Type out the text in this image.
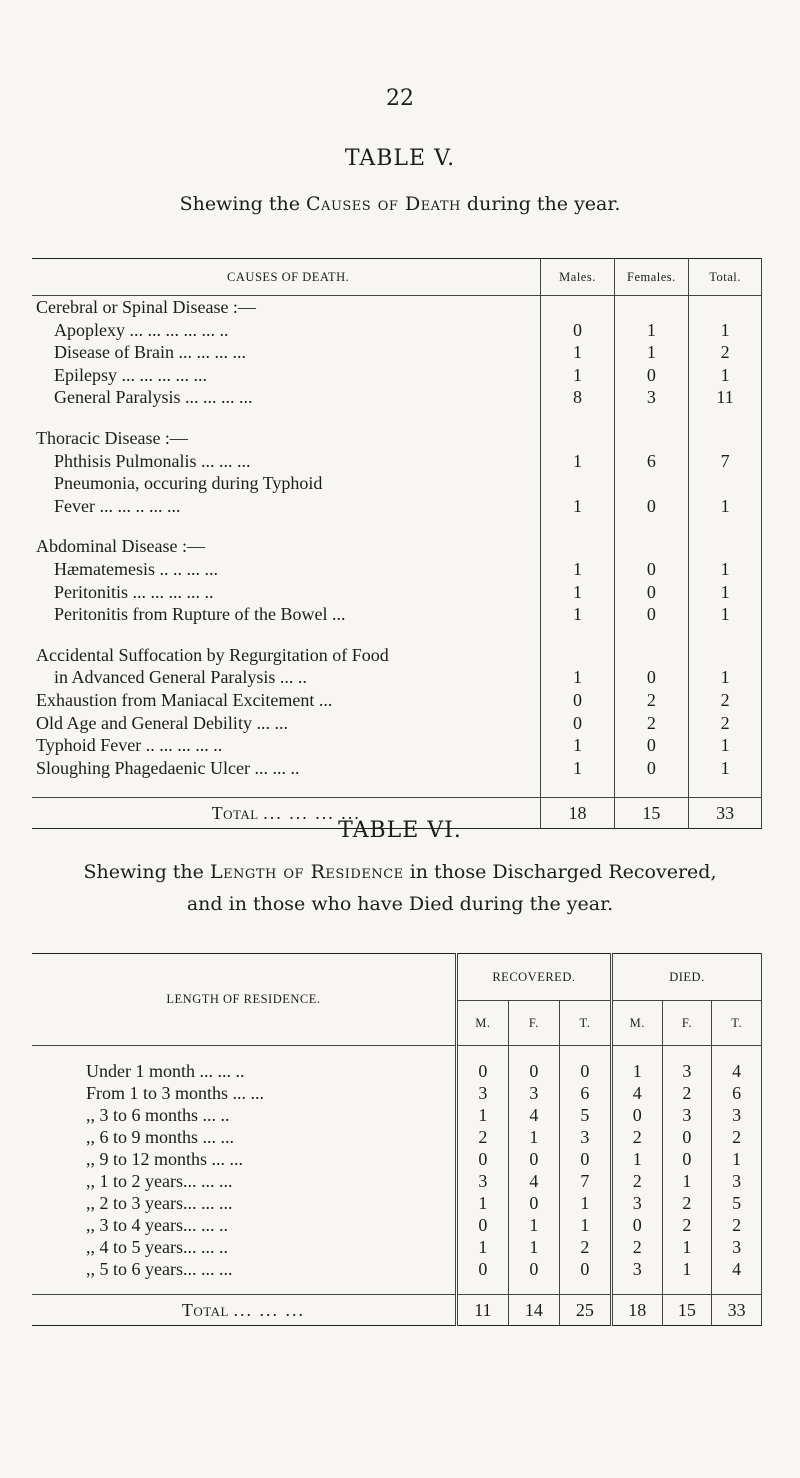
22
TABLE V.
Shewing the Causes of Death during the year.
CAUSES OF DEATH.	Males.	Females.	Total.
Cerebral or Spinal Disease :—			
Apoplexy ... ... ... ... ... ..	0	1	1
Disease of Brain ... ... ... ...	1	1	2
Epilepsy ... ... ... ... ...	1	0	1
General Paralysis ... ... ... ...	8	3	11

Thoracic Disease :—			
Phthisis Pulmonalis ... ... ...	1	6	7
Pneumonia, occuring during Typhoid			
Fever ... ... .. ... ...	1	0	1

Abdominal Disease :—			
Hæmatemesis .. .. ... ...	1	0	1
Peritonitis ... ... ... ... ..	1	0	1
Peritonitis from Rupture of the Bowel ...	1	0	1

Accidental Suffocation by Regurgitation of Food			
in Advanced General Paralysis ... ..	1	0	1
Exhaustion from Maniacal Excitement ...	0	2	2
Old Age and General Debility ... ...	0	2	2
Typhoid Fever .. ... ... ... ..	1	0	1
Sloughing Phagedaenic Ulcer ... ... ..	1	0	1

Total ... ... ... ...	18	15	33
TABLE VI.
Shewing the Length of Residence in those Discharged Recovered,
and in those who have Died during the year.
LENGTH OF RESIDENCE.	RECOVERED.			DIED.		
	M.	F.	T.	M.	F.	T.

Under 1 month ... ... ..	0	0	0	1	3	4
From 1 to 3 months ... ...	3	3	6	4	2	6
,, 3 to 6 months ... ..	1	4	5	0	3	3
,, 6 to 9 months ... ...	2	1	3	2	0	2
,, 9 to 12 months ... ...	0	0	0	1	0	1
,, 1 to 2 years... ... ...	3	4	7	2	1	3
,, 2 to 3 years... ... ...	1	0	1	3	2	5
,, 3 to 4 years... ... ..	0	1	1	0	2	2
,, 4 to 5 years... ... ..	1	1	2	2	1	3
,, 5 to 6 years... ... ...	0	0	0	3	1	4

Total ... ... ...	11	14	25	18	15	33
